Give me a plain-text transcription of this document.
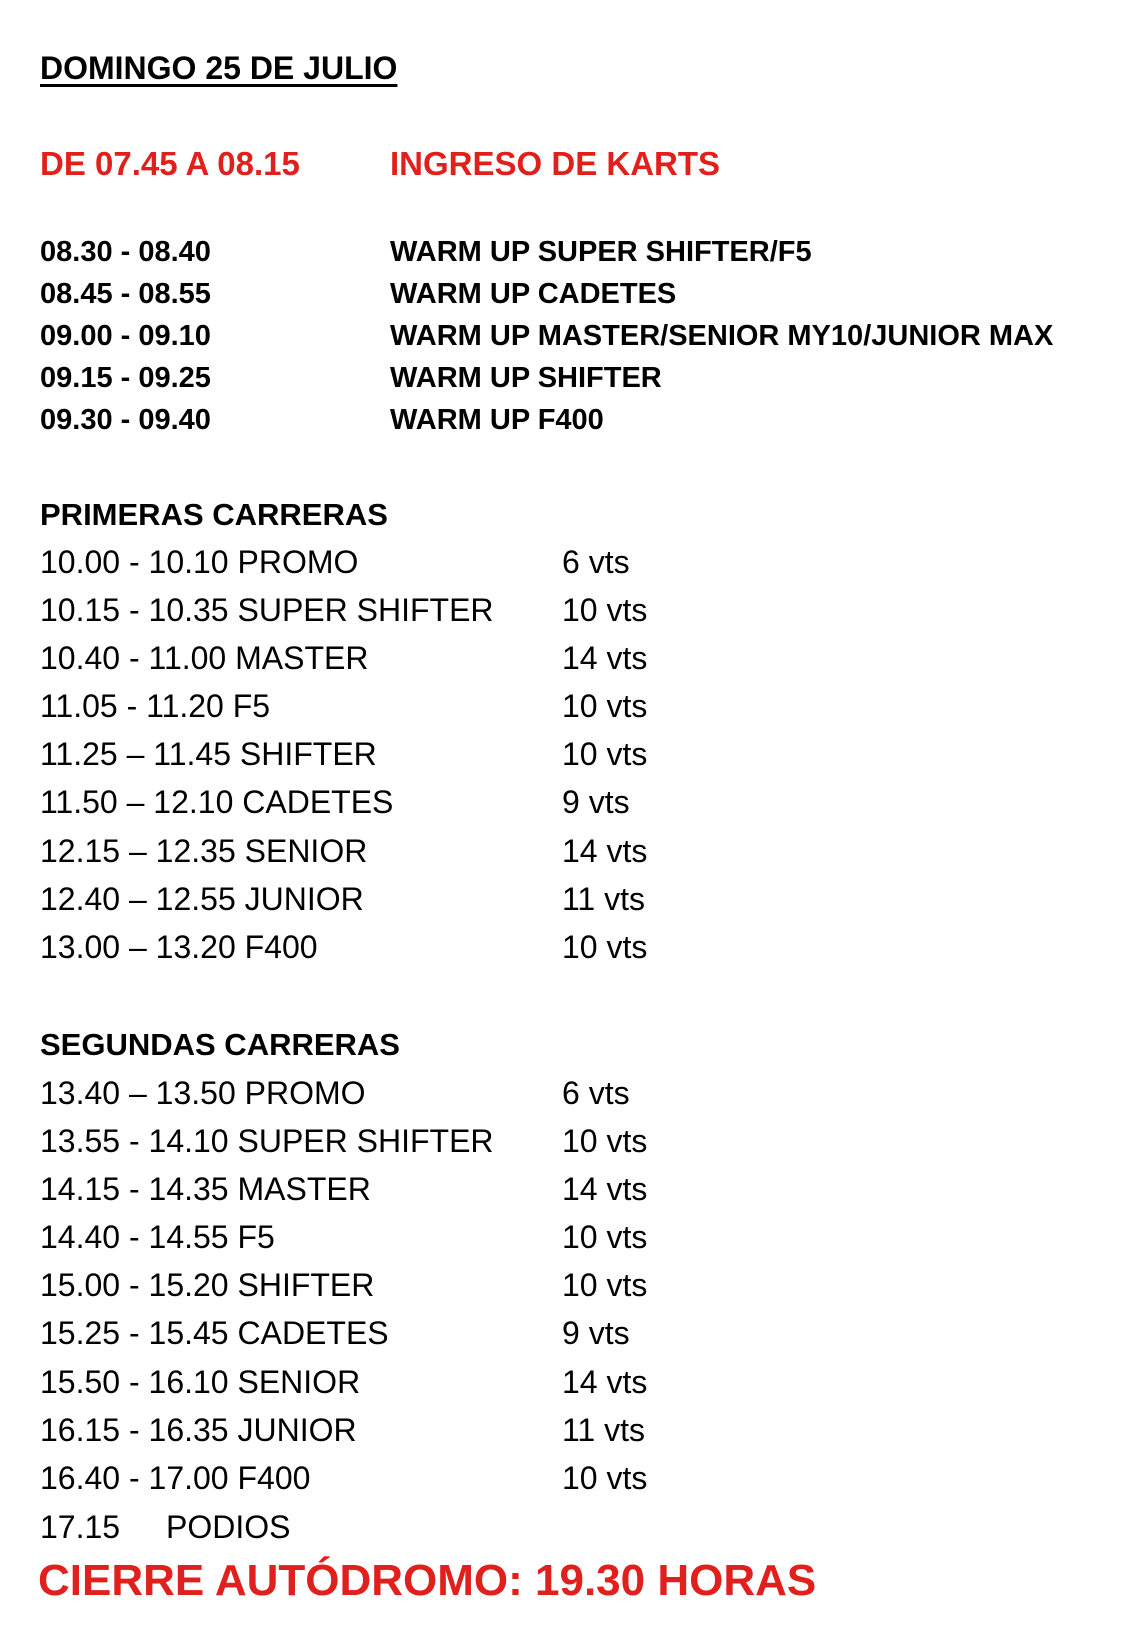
DOMINGO 25 DE JULIO
DE 07.45 A 08.15	INGRESO DE KARTS
08.30 - 08.40	WARM UP SUPER SHIFTER/F5
08.45 - 08.55	WARM UP CADETES
09.00 - 09.10	WARM UP MASTER/SENIOR MY10/JUNIOR MAX
09.15 - 09.25	WARM UP SHIFTER
09.30 - 09.40	WARM UP F400
PRIMERAS CARRERAS
10.00 - 10.10 PROMO	6 vts
10.15 - 10.35 SUPER SHIFTER 10 vts
10.40 - 11.00 MASTER	14 vts
11.05 - 11.20 F5	10 vts
11.25 – 11.45 SHIFTER	10 vts
11.50 – 12.10 CADETES	9 vts
12.15 – 12.35 SENIOR	14 vts
12.40 – 12.55 JUNIOR	11 vts
13.00 – 13.20 F400	10 vts
SEGUNDAS CARRERAS
13.40 – 13.50 PROMO	6 vts
13.55 - 14.10 SUPER SHIFTER 10 vts
14.15 - 14.35 MASTER	14 vts
14.40 - 14.55 F5	10 vts
15.00 - 15.20 SHIFTER	10 vts
15.25 - 15.45 CADETES	9 vts
15.50 - 16.10 SENIOR	14 vts
16.15 - 16.35 JUNIOR	11 vts
16.40 - 17.00 F400	10 vts
17.15 PODIOS
CIERRE AUTÓDROMO: 19.30 HORAS
